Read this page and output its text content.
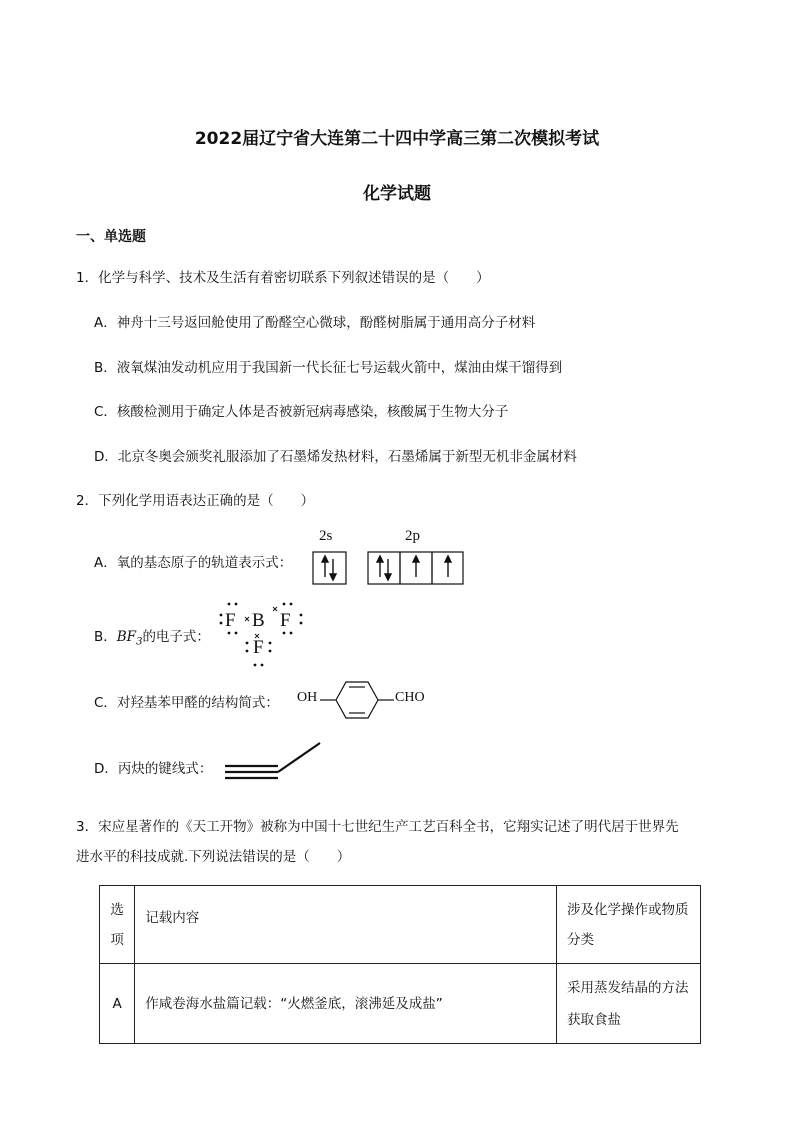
2022届辽宁省大连第二十四中学高三第二次模拟考试
化学试题
一、单选题
1．化学与科学、技术及生活有着密切联系下列叙述错误的是（　　）
A．神舟十三号返回舱使用了酚醛空心微球，酚醛树脂属于通用高分子材料
B．液氧煤油发动机应用于我国新一代长征七号运载火箭中，煤油由煤干馏得到
C．核酸检测用于确定人体是否被新冠病毒感染，核酸属于生物大分子
D．北京冬奥会颁奖礼服添加了石墨烯发热材料，石墨烯属于新型无机非金属材料
2．下列化学用语表达正确的是（　　）
A．氧的基态原子的轨道表示式：
2s	2p
B．$BF_3$的电子式：
F B F
F
C．对羟基苯甲醛的结构简式： OH	CHO
D．丙炔的键线式：
3．宋应星著作的《天工开物》被称为中国十七世纪生产工艺百科全书，它翔实记述了明代居于世界先
进水平的科技成就.下列说法错误的是（　　）
选项	记载内容	涉及化学操作或物质分类

A	作咸卷海水盐篇记载：“火燃釜底，滚沸延及成盐”	采用蒸发结晶的方法获取食盐
